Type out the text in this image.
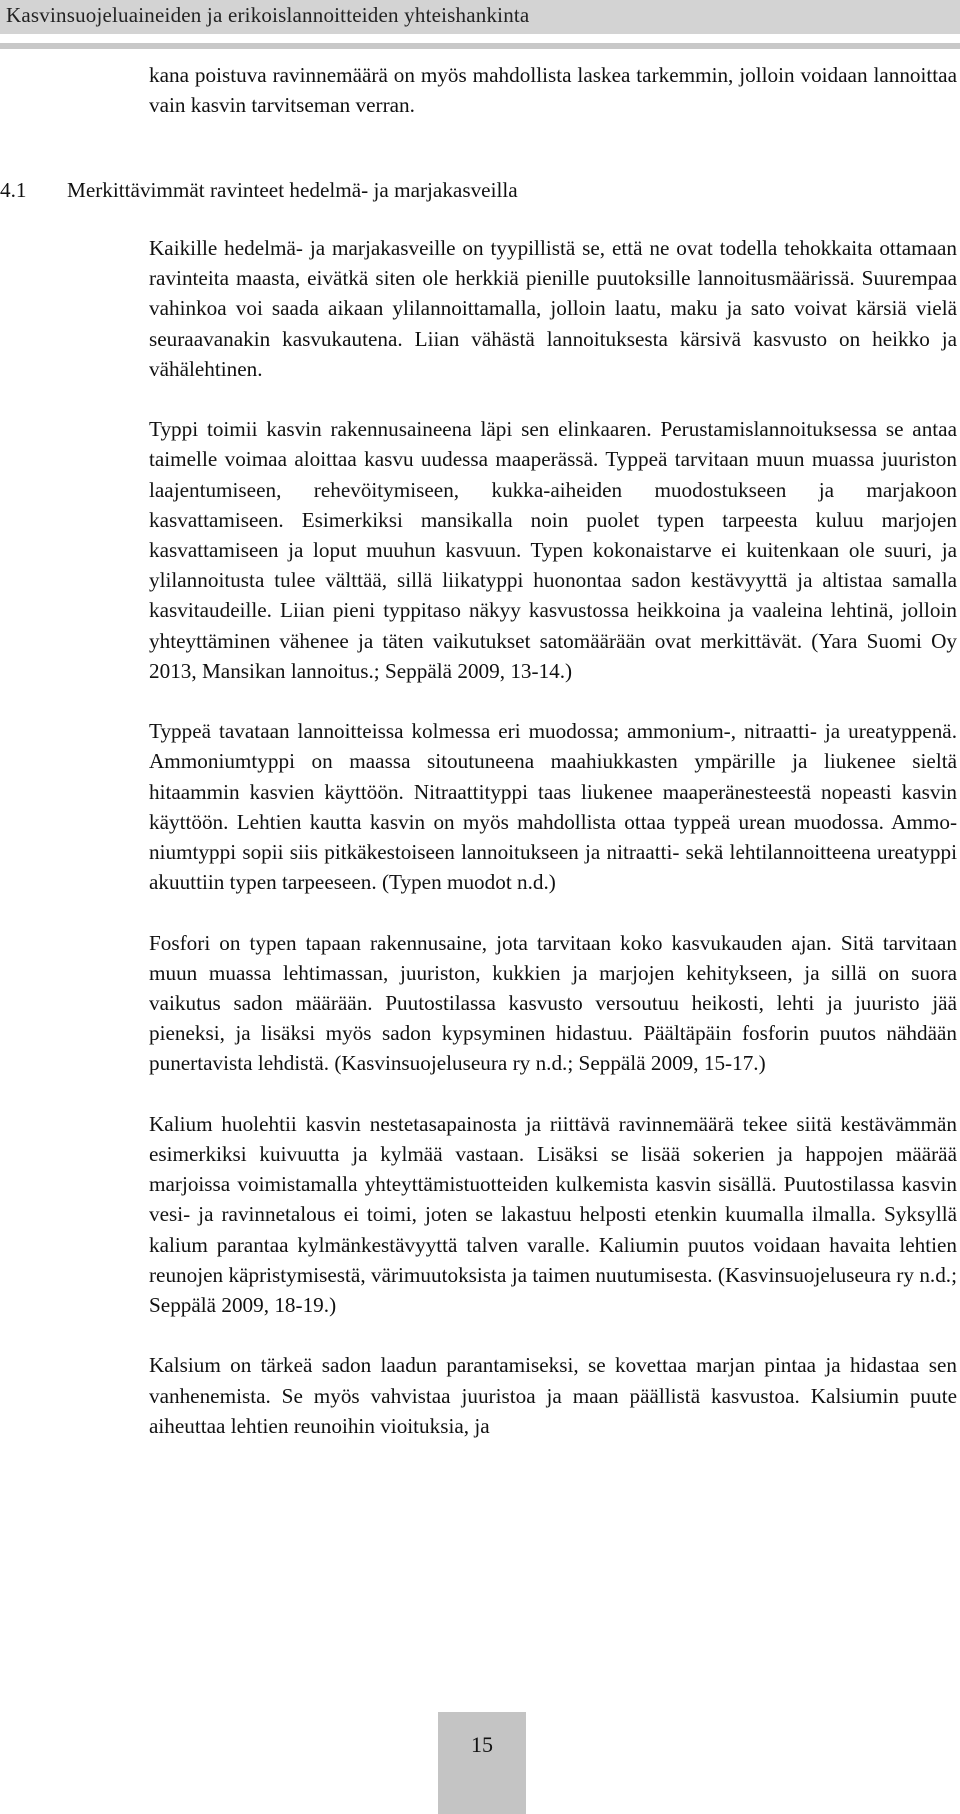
Kasvinsuojeluaineiden ja erikoislannoitteiden yhteishankinta

kana poistuva ravinnemäärä on myös mahdollista laskea tarkemmin, jolloin voidaan lannoittaa vain kasvin tarvitseman verran.

4.1 Merkittävimmät ravinteet hedelmä- ja marjakasveilla

Kaikille hedelmä- ja marjakasveille on tyypillistä se, että ne ovat todella tehokkaita ottamaan ravinteita maasta, eivätkä siten ole herkkiä pienille puutoksille lannoitusmäärissä. Suurempaa vahinkoa voi saada aikaan ylilannoittamalla, jolloin laatu, maku ja sato voivat kärsiä vielä seuraavanakin kasvukautena. Liian vähästä lannoituksesta kärsivä kasvusto on heikko ja vähälehtinen.

Typpi toimii kasvin rakennusaineena läpi sen elinkaaren. Perustamislannoituksessa se antaa taimelle voimaa aloittaa kasvu uudessa maaperässä. Typpeä tarvitaan muun muassa juuriston laajentumiseen, rehevöitymiseen, kukka-aiheiden muodostukseen ja marjakoon kasvattamiseen. Esimerkiksi mansikalla noin puolet typen tarpeesta kuluu marjojen kasvattamiseen ja loput muuhun kasvuun. Typen kokonaistarve ei kuitenkaan ole suuri, ja ylilannoitusta tulee välttää, sillä liikatyppi huonontaa sadon kestävyyttä ja altistaa samalla kasvitaudeille. Liian pieni typpitaso näkyy kasvustossa heikkoina ja vaaleina lehtinä, jolloin yhteyttäminen vähenee ja täten vaikutukset satomäärään ovat merkittävät. (Yara Suomi Oy 2013, Mansikan lannoitus.; Seppälä 2009, 13-14.)

Typpeä tavataan lannoitteissa kolmessa eri muodossa; ammonium-, nitraatti- ja ureatyppenä. Ammoniumtyppi on maassa sitoutuneena maahiukkasten ympärille ja liukenee sieltä hitaammin kasvien käyttöön. Nitraattityppi taas liukenee maaperänesteestä nopeasti kasvin käyttöön. Lehtien kautta kasvin on myös mahdollista ottaa typpeä urean muodossa. Ammoniumtyppi sopii siis pitkäkestoiseen lannoitukseen ja nitraatti- sekä lehtilannoitteena ureatyppi akuuttiin typen tarpeeseen. (Typen muodot n.d.)

Fosfori on typen tapaan rakennusaine, jota tarvitaan koko kasvukauden ajan. Sitä tarvitaan muun muassa lehtimassan, juuriston, kukkien ja marjojen kehitykseen, ja sillä on suora vaikutus sadon määrään. Puutostilassa kasvusto versoutuu heikosti, lehti ja juuristo jää pieneksi, ja lisäksi myös sadon kypsyminen hidastuu. Päältäpäin fosforin puutos nähdään punertavista lehdistä. (Kasvinsuojeluseura ry n.d.; Seppälä 2009, 15-17.)

Kalium huolehtii kasvin nestetasapainosta ja riittävä ravinnemäärä tekee siitä kestävämmän esimerkiksi kuivuutta ja kylmää vastaan. Lisäksi se lisää sokerien ja happojen määrää marjoissa voimistamalla yhteyttämistuotteiden kulkemista kasvin sisällä. Puutostilassa kasvin vesi- ja ravinnetalous ei toimi, joten se lakastuu helposti etenkin kuumalla ilmalla. Syksyllä kalium parantaa kylmänkestävyyttä talven varalle. Kaliumin puutos voidaan havaita lehtien reunojen käpristymisestä, värimuutoksista ja taimen nuutumisesta. (Kasvinsuojeluseura ry n.d.; Seppälä 2009, 18-19.)

Kalsium on tärkeä sadon laadun parantamiseksi, se kovettaa marjan pintaa ja hidastaa sen vanhenemista. Se myös vahvistaa juuristoa ja maan päällistä kasvustoa. Kalsiumin puute aiheuttaa lehtien reunoihin vioituksia, ja

15
